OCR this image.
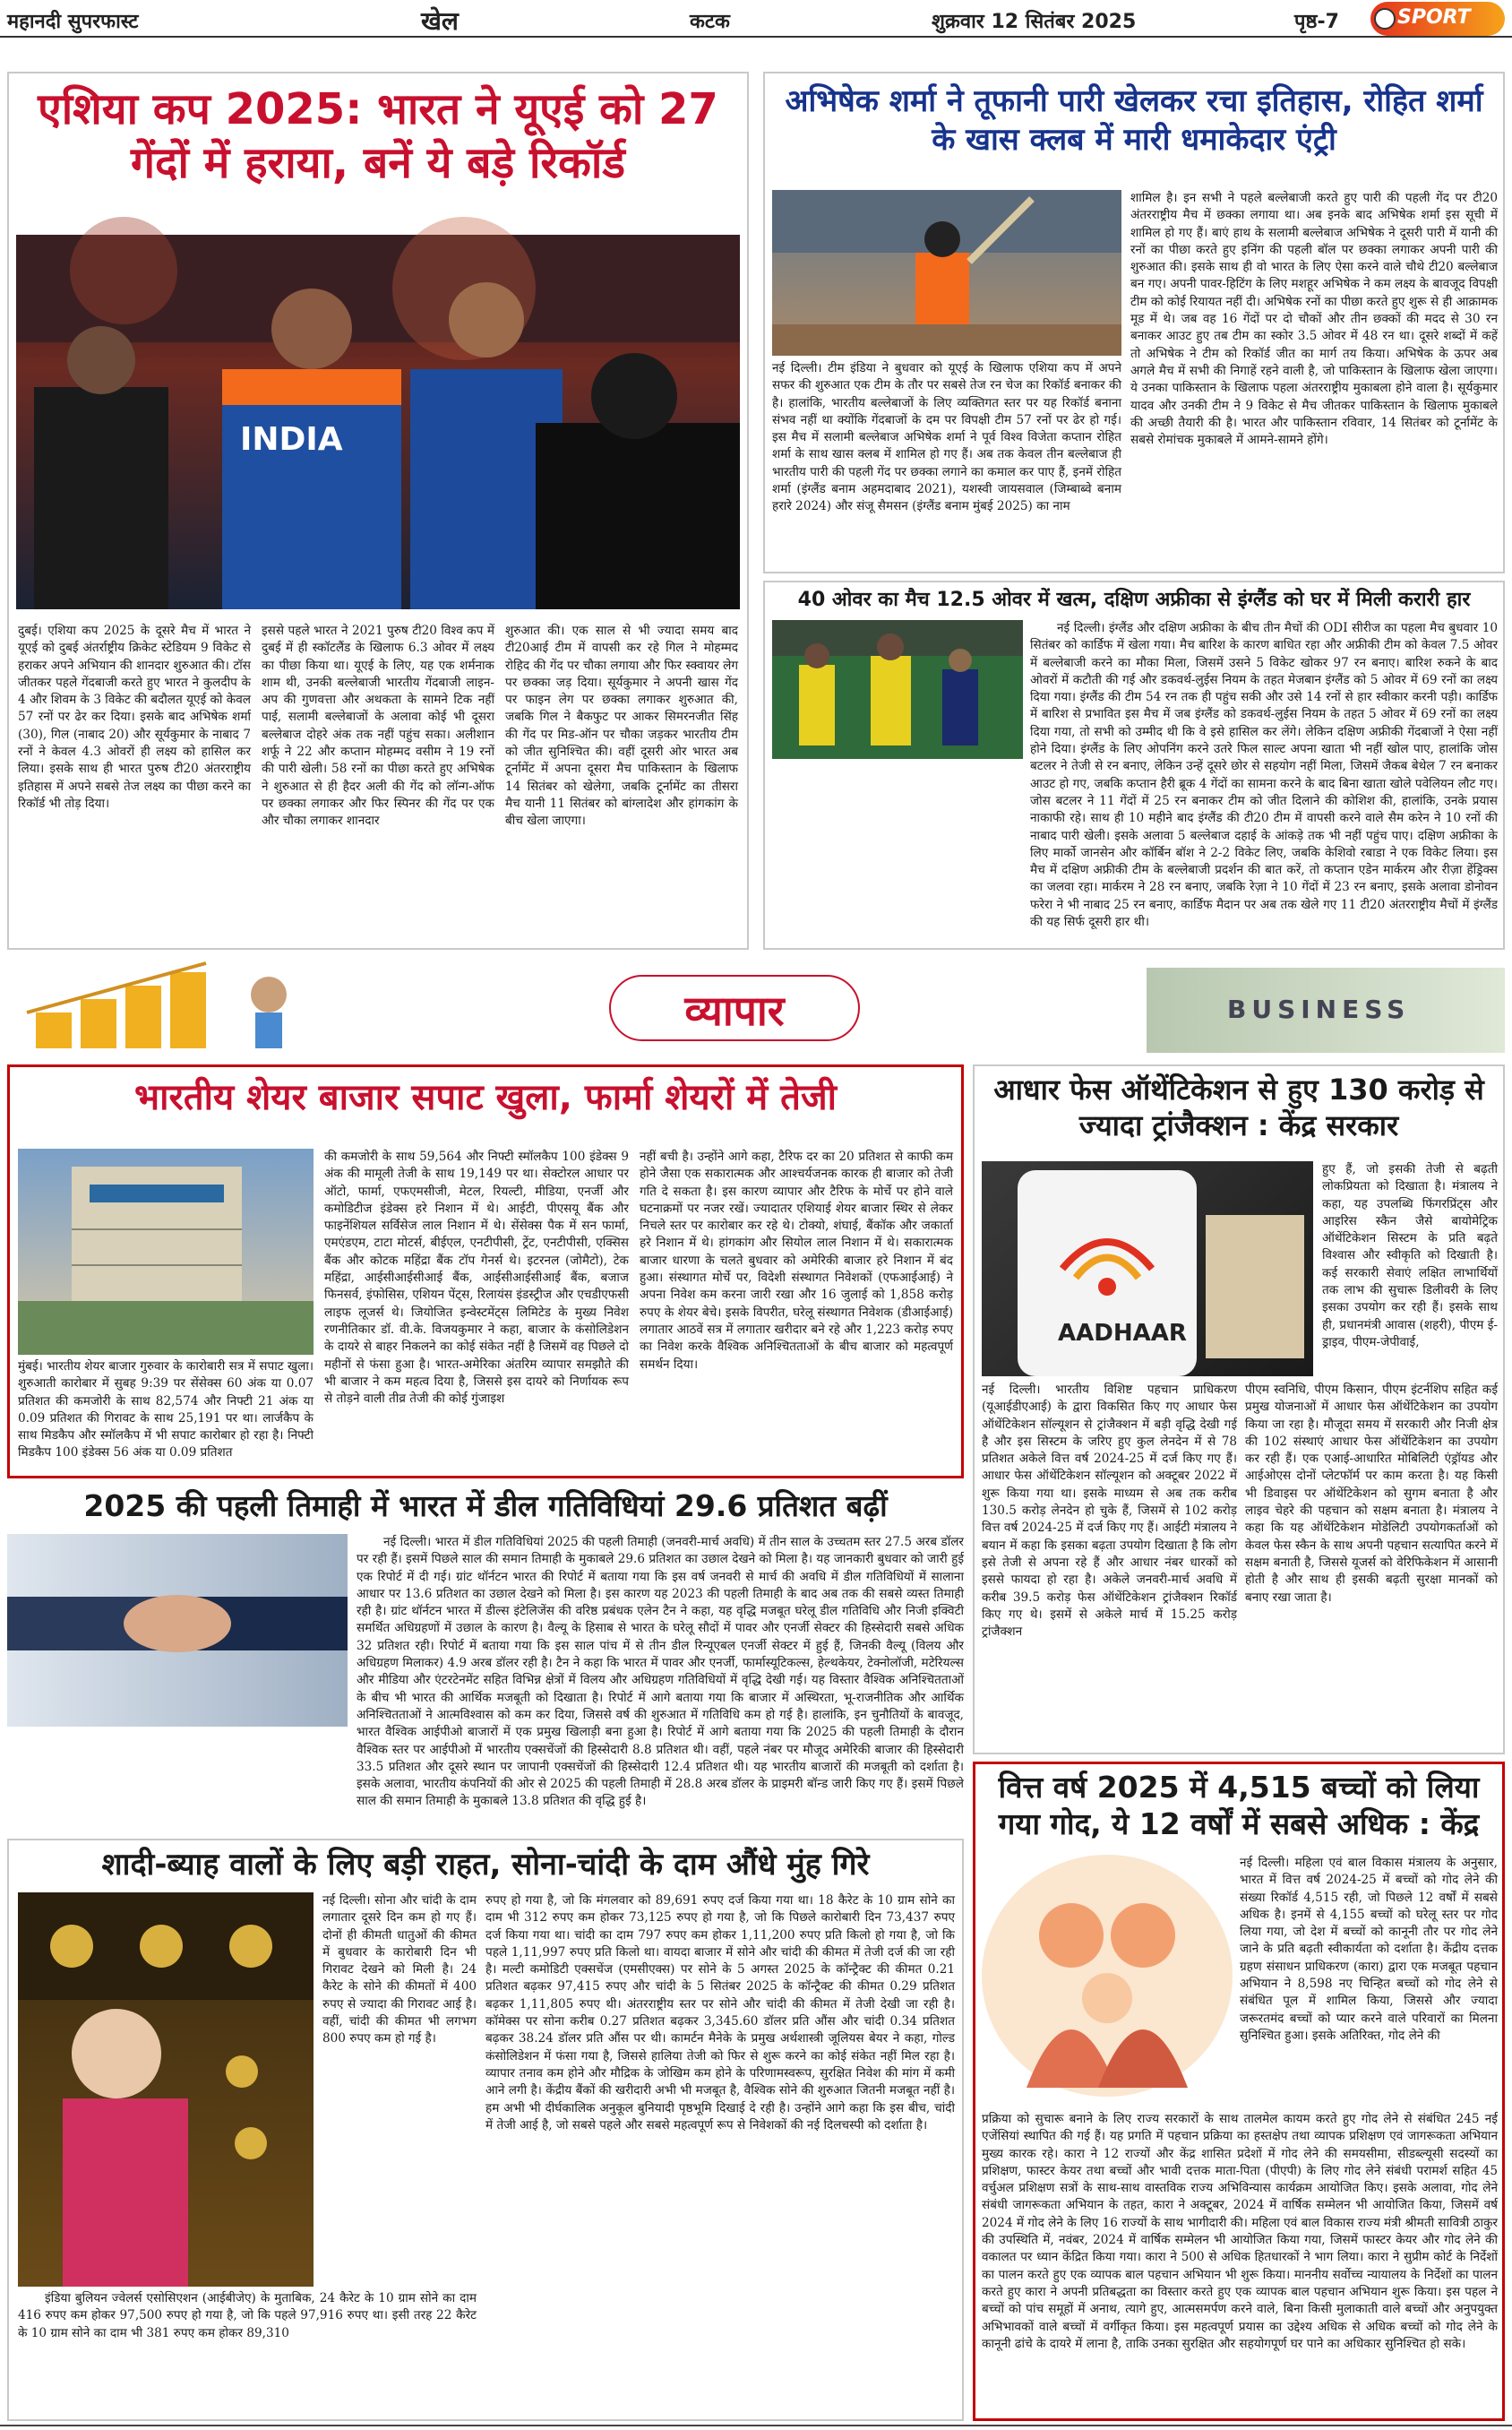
महानदी सुपरफास्ट	खेल	कटक	शुक्रवार 12 सितंबर 2025	पृष्ठ-7	SPORT
एशिया कप 2025: भारत ने यूएई को 27 गेंदों में हराया, बनें ये बड़े रिकॉर्ड
INDIA
दुबई। एशिया कप 2025 के दूसरे मैच में भारत ने यूएई को दुबई अंतर्राष्ट्रीय क्रिकेट स्टेडियम 9 विकेट से हराकर अपने अभियान की शानदार शुरुआत की। टॉस जीतकर पहले गेंदबाजी करते हुए भारत ने कुलदीप के 4 और शिवम के 3 विकेट की बदौलत यूएई को केवल 57 रनों पर ढेर कर दिया। इसके बाद अभिषेक शर्मा (30), गिल (नाबाद 20) और सूर्यकुमार के नाबाद 7 रनों ने केवल 4.3 ओवरों ही लक्ष्य को हासिल कर लिया। इसके साथ ही भारत पुरुष टी20 अंतरराष्ट्रीय इतिहास में अपने सबसे तेज लक्ष्य का पीछा करने का रिकॉर्ड भी तोड़ दिया।
इससे पहले भारत ने 2021 पुरुष टी20 विश्व कप में दुबई में ही स्कॉटलैंड के खिलाफ 6.3 ओवर में लक्ष्य का पीछा किया था। यूएई के लिए, यह एक शर्मनाक शाम थी, उनकी बल्लेबाजी भारतीय गेंदबाजी लाइन-अप की गुणवत्ता और अथकता के सामने टिक नहीं पाई, सलामी बल्लेबाजों के अलावा कोई भी दूसरा बल्लेबाज दोहरे अंक तक नहीं पहुंच सका। अलीशान शर्फू ने 22 और कप्तान मोहम्मद वसीम ने 19 रनों की पारी खेली। 58 रनों का पीछा करते हुए अभिषेक ने शुरुआत से ही हैदर अली की गेंद को लॉन्ग-ऑफ पर छक्का लगाकर और फिर स्पिनर की गेंद पर एक और चौका लगाकर शानदार
शुरुआत की। एक साल से भी ज्यादा समय बाद टी20आई टीम में वापसी कर रहे गिल ने मोहम्मद रोहिद की गेंद पर चौका लगाया और फिर स्क्वायर लेग पर छक्का जड़ दिया। सूर्यकुमार ने अपनी खास गेंद पर फाइन लेग पर छक्का लगाकर शुरुआत की, जबकि गिल ने बैकफुट पर आकर सिमरनजीत सिंह की गेंद पर मिड-ऑन पर चौका जड़कर भारतीय टीम को जीत सुनिश्चित की। वहीं दूसरी ओर भारत अब टूर्नामेंट में अपना दूसरा मैच पाकिस्तान के खिलाफ 14 सितंबर को खेलेगा, जबकि टूर्नामेंट का तीसरा मैच यानी 11 सितंबर को बांग्लादेश और हांगकांग के बीच खेला जाएगा।
अभिषेक शर्मा ने तूफानी पारी खेलकर रचा इतिहास, रोहित शर्मा के खास क्लब में मारी धमाकेदार एंट्री
नई दिल्ली। टीम इंडिया ने बुधवार को यूएई के खिलाफ एशिया कप में अपने सफर की शुरुआत एक टीम के तौर पर सबसे तेज रन चेज का रिकॉर्ड बनाकर की है। हालांकि, भारतीय बल्लेबाजों के लिए व्यक्तिगत स्तर पर यह रिकॉर्ड बनाना संभव नहीं था क्योंकि गेंदबाजों के दम पर विपक्षी टीम 57 रनों पर ढेर हो गई। इस मैच में सलामी बल्लेबाज अभिषेक शर्मा ने पूर्व विश्व विजेता कप्तान रोहित शर्मा के साथ खास क्लब में शामिल हो गए हैं। अब तक केवल तीन बल्लेबाज ही भारतीय पारी की पहली गेंद पर छक्का लगाने का कमाल कर पाए हैं, इनमें रोहित शर्मा (इंग्लैंड बनाम अहमदाबाद 2021), यशस्वी जायसवाल (जिम्बाब्वे बनाम हरारे 2024) और संजू सैमसन (इंग्लैंड बनाम मुंबई 2025) का नाम
शामिल है। इन सभी ने पहले बल्लेबाजी करते हुए पारी की पहली गेंद पर टी20 अंतरराष्ट्रीय मैच में छक्का लगाया था। अब इनके बाद अभिषेक शर्मा इस सूची में शामिल हो गए हैं। बाएं हाथ के सलामी बल्लेबाज अभिषेक ने दूसरी पारी में यानी की रनों का पीछा करते हुए इनिंग की पहली बॉल पर छक्का लगाकर अपनी पारी की शुरुआत की। इसके साथ ही वो भारत के लिए ऐसा करने वाले चौथे टी20 बल्लेबाज बन गए। अपनी पावर-हिटिंग के लिए मशहूर अभिषेक ने कम लक्ष्य के बावजूद विपक्षी टीम को कोई रियायत नहीं दी। अभिषेक रनों का पीछा करते हुए शुरू से ही आक्रामक मूड में थे। जब वह 16 गेंदों पर दो चौकों और तीन छक्कों की मदद से 30 रन बनाकर आउट हुए तब टीम का स्कोर 3.5 ओवर में 48 रन था। दूसरे शब्दों में कहें तो अभिषेक ने टीम को रिकॉर्ड जीत का मार्ग तय किया। अभिषेक के ऊपर अब अगले मैच में सभी की निगाहें रहने वाली है, जो पाकिस्तान के खिलाफ खेला जाएगा। ये उनका पाकिस्तान के खिलाफ पहला अंतरराष्ट्रीय मुकाबला होने वाला है। सूर्यकुमार यादव और उनकी टीम ने 9 विकेट से मैच जीतकर पाकिस्तान के खिलाफ मुकाबले की अच्छी तैयारी की है। भारत और पाकिस्तान रविवार, 14 सितंबर को टूर्नामेंट के सबसे रोमांचक मुकाबले में आमने-सामने होंगे।
40 ओवर का मैच 12.5 ओवर में खत्म, दक्षिण अफ्रीका से इंग्लैंड को घर में मिली करारी हार
नई दिल्ली। इंग्लैंड और दक्षिण अफ्रीका के बीच तीन मैचों की ODI सीरीज का पहला मैच बुधवार 10 सितंबर को कार्डिफ में खेला गया। मैच बारिश के कारण बाधित रहा और अफ्रीकी टीम को केवल 7.5 ओवर में बल्लेबाजी करने का मौका मिला, जिसमें उसने 5 विकेट खोकर 97 रन बनाए। बारिश रुकने के बाद ओवरों में कटौती की गई और डकवर्थ-लुईस नियम के तहत मेजबान इंग्लैंड को 5 ओवर में 69 रनों का लक्ष्य दिया गया। इंग्लैंड की टीम 54 रन तक ही पहुंच सकी और उसे 14 रनों से हार स्वीकार करनी पड़ी। कार्डिफ में बारिश से प्रभावित इस मैच में जब इंग्लैंड को डकवर्थ-लुईस नियम के तहत 5 ओवर में 69 रनों का लक्ष्य दिया गया, तो सभी को उम्मीद थी कि वे इसे हासिल कर लेंगे। लेकिन दक्षिण अफ्रीकी गेंदबाजों ने ऐसा नहीं होने दिया। इंग्लैंड के लिए ओपनिंग करने उतरे फिल साल्ट अपना खाता भी नहीं खोल पाए, हालांकि जोस बटलर ने तेजी से रन बनाए, लेकिन उन्हें दूसरे छोर से सहयोग नहीं मिला, जिसमें जैकब बेथेल 7 रन बनाकर आउट हो गए, जबकि कप्तान हैरी ब्रूक 4 गेंदों का सामना करने के बाद बिना खाता खोले पवेलियन लौट गए। जोस बटलर ने 11 गेंदों में 25 रन बनाकर टीम को जीत दिलाने की कोशिश की, हालांकि, उनके प्रयास नाकाफी रहे। साथ ही 10 महीने बाद इंग्लैंड की टी20 टीम में वापसी करने वाले सैम करेन ने 10 रनों की नाबाद पारी खेली। इसके अलावा 5 बल्लेबाज दहाई के आंकड़े तक भी नहीं पहुंच पाए। दक्षिण अफ्रीका के लिए मार्को जानसेन और कॉर्बिन बॉश ने 2-2 विकेट लिए, जबकि केशिवो रबाडा ने एक विकेट लिया। इस मैच में दक्षिण अफ्रीकी टीम के बल्लेबाजी प्रदर्शन की बात करें, तो कप्तान एडेन मार्करम और रीज़ा हेंड्रिक्स का जलवा रहा। मार्करम ने 28 रन बनाए, जबकि रेज़ा ने 10 गेंदों में 23 रन बनाए, इसके अलावा डोनोवन फरेरा ने भी नाबाद 25 रन बनाए, कार्डिफ मैदान पर अब तक खेले गए 11 टी20 अंतरराष्ट्रीय मैचों में इंग्लैंड की यह सिर्फ दूसरी हार थी।
व्यापार	BUSINESS
भारतीय शेयर बाजार सपाट खुला, फार्मा शेयरों में तेजी
मुंबई। भारतीय शेयर बाजार गुरुवार के कारोबारी सत्र में सपाट खुला। शुरुआती कारोबार में सुबह 9:39 पर सेंसेक्स 60 अंक या 0.07 प्रतिशत की कमजोरी के साथ 82,574 और निफ्टी 21 अंक या 0.09 प्रतिशत की गिरावट के साथ 25,191 पर था। लार्जकैप के साथ मिडकैप और स्मॉलकैप में भी सपाट कारोबार हो रहा है। निफ्टी मिडकैप 100 इंडेक्स 56 अंक या 0.09 प्रतिशत
की कमजोरी के साथ 59,564 और निफ्टी स्मॉलकैप 100 इंडेक्स 9 अंक की मामूली तेजी के साथ 19,149 पर था। सेक्टोरल आधार पर ऑटो, फार्मा, एफएमसीजी, मेटल, रियल्टी, मीडिया, एनर्जी और कमोडिटीज इंडेक्स हरे निशान में थे। आईटी, पीएसयू बैंक और फाइनेंशियल सर्विसेज लाल निशान में थे। सेंसेक्स पैक में सन फार्मा, एमएंडएम, टाटा मोटर्स, बीईएल, एनटीपीसी, ट्रेंट, एनटीपीसी, एक्सिस बैंक और कोटक महिंद्रा बैंक टॉप गेनर्स थे। इटरनल (जोमैटो), टेक महिंद्रा, आईसीआईसीआई बैंक, आईसीआईसीआई बैंक, बजाज फिनसर्व, इंफोसिस, एशियन पेंट्स, रिलायंस इंडस्ट्रीज और एचडीएफसी लाइफ लूजर्स थे। जियोजित इन्वेस्टमेंट्स लिमिटेड के मुख्य निवेश रणनीतिकार डॉ. वी.के. विजयकुमार ने कहा, बाजार के कंसोलिडेशन के दायरे से बाहर निकलने का कोई संकेत नहीं है जिसमें वह पिछले दो महीनों से फंसा हुआ है। भारत-अमेरिका अंतरिम व्यापार समझौते की भी बाजार ने कम महत्व दिया है, जिससे इस दायरे को निर्णायक रूप से तोड़ने वाली तीव्र तेजी की कोई गुंजाइश
नहीं बची है। उन्होंने आगे कहा, टैरिफ दर का 20 प्रतिशत से काफी कम होने जैसा एक सकारात्मक और आश्चर्यजनक कारक ही बाजार को तेजी गति दे सकता है। इस कारण व्यापार और टैरिफ के मोर्चे पर होने वाले घटनाक्रमों पर नजर रखें। ज्यादातर एशियाई शेयर बाजार स्थिर से लेकर निचले स्तर पर कारोबार कर रहे थे। टोक्यो, शंघाई, बैंकॉक और जकार्ता हरे निशान में थे। हांगकांग और सियोल लाल निशान में थे। सकारात्मक बाजार धारणा के चलते बुधवार को अमेरिकी बाजार हरे निशान में बंद हुआ। संस्थागत मोर्चे पर, विदेशी संस्थागत निवेशकों (एफआईआई) ने अपना निवेश कम करना जारी रखा और 16 जुलाई को 1,858 करोड़ रुपए के शेयर बेचे। इसके विपरीत, घरेलू संस्थागत निवेशक (डीआईआई) लगातार आठवें सत्र में लगातार खरीदार बने रहे और 1,223 करोड़ रुपए का निवेश करके वैश्विक अनिश्चितताओं के बीच बाजार को महत्वपूर्ण समर्थन दिया।
आधार फेस ऑथेंटिकेशन से हुए 130 करोड़ से ज्यादा ट्रांजैक्शन : केंद्र सरकार
AADHAAR
हुए हैं, जो इसकी तेजी से बढ़ती लोकप्रियता को दिखाता है। मंत्रालय ने कहा, यह उपलब्धि फिंगरप्रिंट्स और आइरिस स्कैन जैसे बायोमेट्रिक ऑथेंटिकेशन सिस्टम के प्रति बढ़ते विश्वास और स्वीकृति को दिखाती है। कई सरकारी सेवाएं लक्षित लाभार्थियों तक लाभ की सुचारू डिलीवरी के लिए इसका उपयोग कर रही हैं। इसके साथ ही, प्रधानमंत्री आवास (शहरी), पीएम ई-ड्राइव, पीएम-जेपीवाई,
नई दिल्ली। भारतीय विशिष्ट पहचान प्राधिकरण (यूआईडीएआई) के द्वारा विकसित किए गए आधार फेस ऑथेंटिकेशन सॉल्यूशन से ट्रांजैक्शन में बड़ी वृद्धि देखी गई है और इस सिस्टम के जरिए हुए कुल लेनदेन में से 78 प्रतिशत अकेले वित्त वर्ष 2024-25 में दर्ज किए गए हैं। आधार फेस ऑथेंटिकेशन सॉल्यूशन को अक्टूबर 2022 में शुरू किया गया था। इसके माध्यम से अब तक करीब 130.5 करोड़ लेनदेन हो चुके हैं, जिसमें से 102 करोड़ वित्त वर्ष 2024-25 में दर्ज किए गए हैं। आईटी मंत्रालय ने बयान में कहा कि इसका बढ़ता उपयोग दिखाता है कि लोग इसे तेजी से अपना रहे हैं और आधार नंबर धारकों को इससे फायदा हो रहा है। अकेले जनवरी-मार्च अवधि में करीब 39.5 करोड़ फेस ऑथेंटिकेशन ट्रांजैक्शन रिकॉर्ड किए गए थे। इसमें से अकेले मार्च में 15.25 करोड़ ट्रांजैक्शन
पीएम स्वनिधि, पीएम किसान, पीएम इंटर्नशिप सहित कई प्रमुख योजनाओं में आधार फेस ऑथेंटिकेशन का उपयोग किया जा रहा है। मौजूदा समय में सरकारी और निजी क्षेत्र की 102 संस्थाएं आधार फेस ऑथेंटिकेशन का उपयोग कर रही हैं। एक एआई-आधारित मोबिलिटी एंड्रॉयड और आईओएस दोनों प्लेटफॉर्म पर काम करता है। यह किसी भी डिवाइस पर ऑथेंटिकेशन को सुगम बनाता है और लाइव चेहरे की पहचान को सक्षम बनाता है। मंत्रालय ने कहा कि यह ऑथेंटिकेशन मोडेलिटी उपयोगकर्ताओं को केवल फेस स्कैन के साथ अपनी पहचान सत्यापित करने में सक्षम बनाती है, जिससे यूजर्स को वेरिफिकेशन में आसानी होती है और साथ ही इसकी बढ़ती सुरक्षा मानकों को बनाए रखा जाता है।
2025 की पहली तिमाही में भारत में डील गतिविधियां 29.6 प्रतिशत बढ़ीं
नई दिल्ली। भारत में डील गतिविधियां 2025 की पहली तिमाही (जनवरी-मार्च अवधि) में तीन साल के उच्चतम स्तर 27.5 अरब डॉलर पर रही हैं। इसमें पिछले साल की समान तिमाही के मुकाबले 29.6 प्रतिशत का उछाल देखने को मिला है। यह जानकारी बुधवार को जारी हुई एक रिपोर्ट में दी गई। ग्रांट थॉर्नटन भारत की रिपोर्ट में बताया गया कि इस वर्ष जनवरी से मार्च की अवधि में डील गतिविधियों में सालाना आधार पर 13.6 प्रतिशत का उछाल देखने को मिला है। इस कारण यह 2023 की पहली तिमाही के बाद अब तक की सबसे व्यस्त तिमाही रही है। ग्रांट थॉर्नटन भारत में डील्स इंटेलिजेंस की वरिष्ठ प्रबंधक एलेन टैन ने कहा, यह वृद्धि मजबूत घरेलू डील गतिविधि और निजी इक्विटी समर्थित अधिग्रहणों में उछाल के कारण है। वैल्यू के हिसाब से भारत के घरेलू सौदों में पावर और एनर्जी सेक्टर की हिस्सेदारी सबसे अधिक 32 प्रतिशत रही। रिपोर्ट में बताया गया कि इस साल पांच में से तीन डील रिन्यूएबल एनर्जी सेक्टर में हुई हैं, जिनकी वैल्यू (विलय और अधिग्रहण मिलाकर) 4.9 अरब डॉलर रही है। टैन ने कहा कि भारत में पावर और एनर्जी, फार्मास्यूटिकल्स, हेल्थकेयर, टेक्नोलॉजी, मटेरियल्स और मीडिया और एंटरटेनमेंट सहित विभिन्न क्षेत्रों में विलय और अधिग्रहण गतिविधियों में वृद्धि देखी गई। यह विस्तार वैश्विक अनिश्चितताओं के बीच भी भारत की आर्थिक मजबूती को दिखाता है। रिपोर्ट में आगे बताया गया कि बाजार में अस्थिरता, भू-राजनीतिक और आर्थिक अनिश्चितताओं ने आत्मविश्वास को कम कर दिया, जिससे वर्ष की शुरुआत में गतिविधि कम हो गई है। हालांकि, इन चुनौतियों के बावजूद, भारत वैश्विक आईपीओ बाजारों में एक प्रमुख खिलाड़ी बना हुआ है। रिपोर्ट में आगे बताया गया कि 2025 की पहली तिमाही के दौरान वैश्विक स्तर पर आईपीओ में भारतीय एक्सचेंजों की हिस्सेदारी 8.8 प्रतिशत थी। वहीं, पहले नंबर पर मौजूद अमेरिकी बाजार की हिस्सेदारी 33.5 प्रतिशत और दूसरे स्थान पर जापानी एक्सचेंजों की हिस्सेदारी 12.4 प्रतिशत थी। यह भारतीय बाजारों की मजबूती को दर्शाता है। इसके अलावा, भारतीय कंपनियों की ओर से 2025 की पहली तिमाही में 28.8 अरब डॉलर के प्राइमरी बॉन्ड जारी किए गए हैं। इसमें पिछले साल की समान तिमाही के मुकाबले 13.8 प्रतिशत की वृद्धि हुई है।
शादी-ब्याह वालों के लिए बड़ी राहत, सोना-चांदी के दाम औंधे मुंह गिरे
नई दिल्ली। सोना और चांदी के दाम लगातार दूसरे दिन कम हो गए हैं। दोनों ही कीमती धातुओं की कीमत में बुधवार के कारोबारी दिन भी गिरावट देखने को मिली है। 24 कैरेट के सोने की कीमतों में 400 रुपए से ज्यादा की गिरावट आई है। वहीं, चांदी की कीमत भी लगभग 800 रुपए कम हो गई है।
इंडिया बुलियन ज्वेलर्स एसोसिएशन (आईबीजेए) के मुताबिक, 24 कैरेट के 10 ग्राम सोने का दाम 416 रुपए कम होकर 97,500 रुपए हो गया है, जो कि पहले 97,916 रुपए था। इसी तरह 22 कैरेट के 10 ग्राम सोने का दाम भी 381 रुपए कम होकर 89,310
रुपए हो गया है, जो कि मंगलवार को 89,691 रुपए दर्ज किया गया था। 18 कैरेट के 10 ग्राम सोने का दाम भी 312 रुपए कम होकर 73,125 रुपए हो गया है, जो कि पिछले कारोबारी दिन 73,437 रुपए दर्ज किया गया था। चांदी का दाम 797 रुपए कम होकर 1,11,200 रुपए प्रति किलो हो गया है, जो कि पहले 1,11,997 रुपए प्रति किलो था। वायदा बाजार में सोने और चांदी की कीमत में तेजी दर्ज की जा रही है। मल्टी कमोडिटी एक्सचेंज (एमसीएक्स) पर सोने के 5 अगस्त 2025 के कॉन्ट्रैक्ट की कीमत 0.21 प्रतिशत बढ़कर 97,415 रुपए और चांदी के 5 सितंबर 2025 के कॉन्ट्रैक्ट की कीमत 0.29 प्रतिशत बढ़कर 1,11,805 रुपए थी। अंतरराष्ट्रीय स्तर पर सोने और चांदी की कीमत में तेजी देखी जा रही है। कॉमेक्स पर सोना करीब 0.27 प्रतिशत बढ़कर 3,345.60 डॉलर प्रति औंस और चांदी 0.34 प्रतिशत बढ़कर 38.24 डॉलर प्रति औंस पर थी। कामर्टन मैनेके के प्रमुख अर्थशास्त्री जूलियस बेयर ने कहा, गोल्ड कंसोलिडेशन में फंसा गया है, जिससे हालिया तेजी को फिर से शुरू करने का कोई संकेत नहीं मिल रहा है। व्यापार तनाव कम होने और मौद्रिक के जोखिम कम होने के परिणामस्वरूप, सुरक्षित निवेश की मांग में कमी आने लगी है। केंद्रीय बैंकों की खरीदारी अभी भी मजबूत है, वैश्विक सोने की शुरुआत जितनी मजबूत नहीं है। हम अभी भी दीर्घकालिक अनुकूल बुनियादी पृष्ठभूमि दिखाई दे रही है। उन्होंने आगे कहा कि इस बीच, चांदी में तेजी आई है, जो सबसे पहले और सबसे महत्वपूर्ण रूप से निवेशकों की नई दिलचस्पी को दर्शाता है।
वित्त वर्ष 2025 में 4,515 बच्चों को लिया गया गोद, ये 12 वर्षों में सबसे अधिक : केंद्र
नई दिल्ली। महिला एवं बाल विकास मंत्रालय के अनुसार, भारत में वित्त वर्ष 2024-25 में बच्चों को गोद लेने की संख्या रिकॉर्ड 4,515 रही, जो पिछले 12 वर्षों में सबसे अधिक है। इनमें से 4,155 बच्चों को घरेलू स्तर पर गोद लिया गया, जो देश में बच्चों को कानूनी तौर पर गोद लेने जाने के प्रति बढ़ती स्वीकार्यता को दर्शाता है। केंद्रीय दत्तक ग्रहण संसाधन प्राधिकरण (कारा) द्वारा एक मजबूत पहचान अभियान ने 8,598 नए चिन्हित बच्चों को गोद लेने से संबंधित पूल में शामिल किया, जिससे और ज्यादा जरूरतमंद बच्चों को प्यार करने वाले परिवारों का मिलना सुनिश्चित हुआ। इसके अतिरिक्त, गोद लेने की
प्रक्रिया को सुचारू बनाने के लिए राज्य सरकारों के साथ तालमेल कायम करते हुए गोद लेने से संबंधित 245 नई एजेंसियां स्थापित की गई हैं। यह प्रगति में पहचान प्रक्रिया का हस्तक्षेप तथा व्यापक प्रशिक्षण एवं जागरूकता अभियान मुख्य कारक रहे। कारा ने 12 राज्यों और केंद्र शासित प्रदेशों में गोद लेने की समयसीमा, सीडब्ल्यूसी सदस्यों का प्रशिक्षण, फास्टर केयर तथा बच्चों और भावी दत्तक माता-पिता (पीएपी) के लिए गोद लेने संबंधी परामर्श सहित 45 वर्चुअल प्रशिक्षण सत्रों के साथ-साथ वास्तविक राज्य अभिविन्यास कार्यक्रम आयोजित किए। इसके अलावा, गोद लेने संबंधी जागरूकता अभियान के तहत, कारा ने अक्टूबर, 2024 में वार्षिक सम्मेलन भी आयोजित किया, जिसमें वर्ष 2024 में गोद लेने के लिए 16 राज्यों के साथ भागीदारी की। महिला एवं बाल विकास राज्य मंत्री श्रीमती सावित्री ठाकुर की उपस्थिति में, नवंबर, 2024 में वार्षिक सम्मेलन भी आयोजित किया गया, जिसमें फास्टर केयर और गोद लेने की वकालत पर ध्यान केंद्रित किया गया। कारा ने 500 से अधिक हितधारकों ने भाग लिया। कारा ने सुप्रीम कोर्ट के निर्देशों का पालन करते हुए एक व्यापक बाल पहचान अभियान भी शुरू किया। माननीय सर्वोच्च न्यायालय के निर्देशों का पालन करते हुए कारा ने अपनी प्रतिबद्धता का विस्तार करते हुए एक व्यापक बाल पहचान अभियान शुरू किया। इस पहल ने बच्चों को पांच समूहों में अनाथ, त्यागे हुए, आत्मसमर्पण करने वाले, बिना किसी मुलाकाती वाले बच्चों और अनुपयुक्त अभिभावकों वाले बच्चों में वर्गीकृत किया। इस महत्वपूर्ण प्रयास का उद्देश्य अधिक से अधिक बच्चों को गोद लेने के कानूनी ढांचे के दायरे में लाना है, ताकि उनका सुरक्षित और सहयोगपूर्ण घर पाने का अधिकार सुनिश्चित हो सके।
